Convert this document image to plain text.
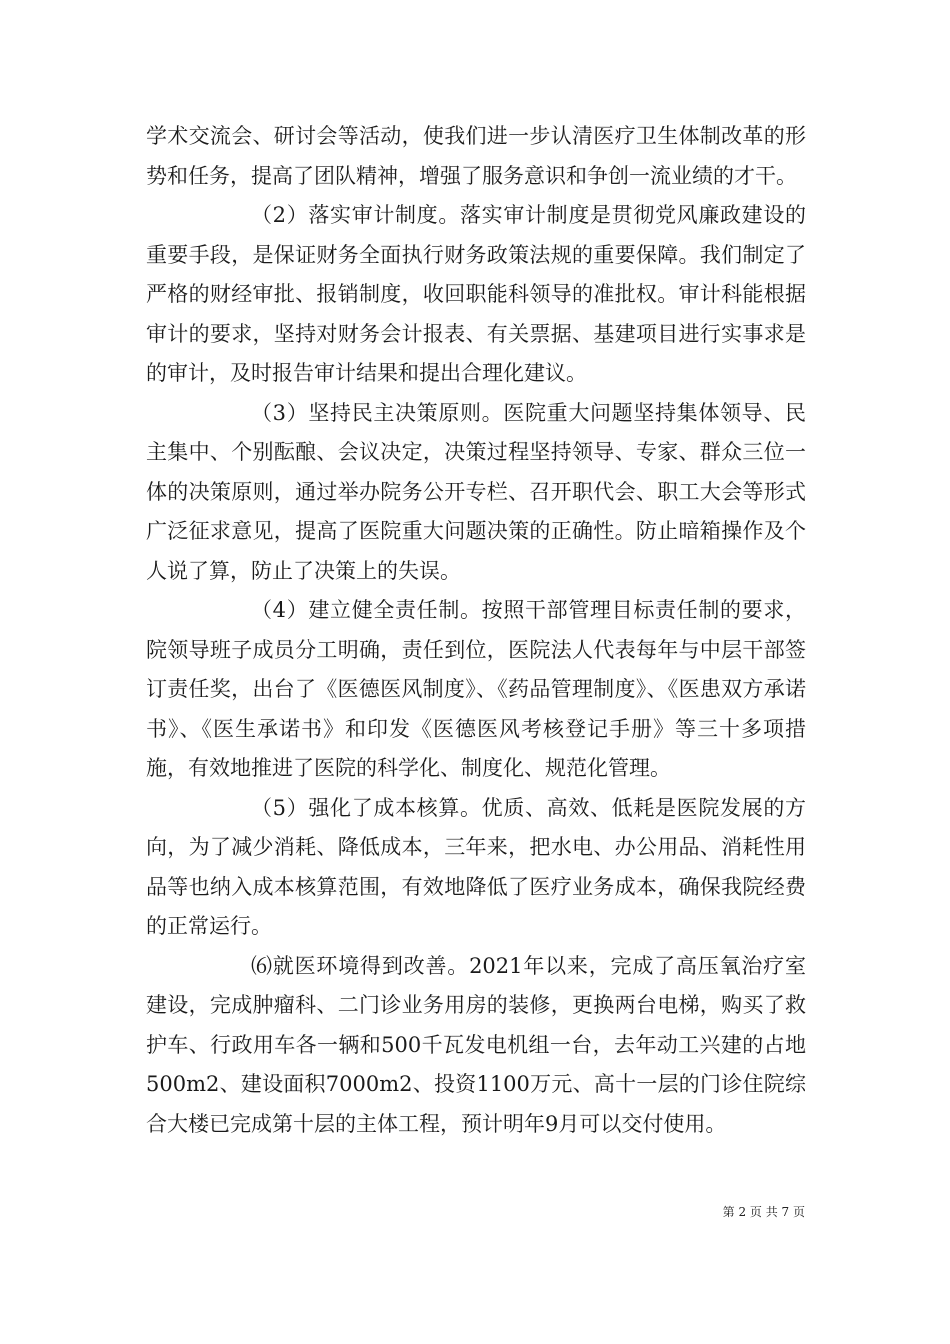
学术交流会、研讨会等活动，使我们进一步认清医疗卫生体制改革的形势和任务，提高了团队精神，增强了服务意识和争创一流业绩的才干。

（2）落实审计制度。落实审计制度是贯彻党风廉政建设的重要手段，是保证财务全面执行财务政策法规的重要保障。我们制定了严格的财经审批、报销制度，收回职能科领导的准批权。审计科能根据审计的要求，坚持对财务会计报表、有关票据、基建项目进行实事求是的审计，及时报告审计结果和提出合理化建议。

（3）坚持民主决策原则。医院重大问题坚持集体领导、民主集中、个别酝酿、会议决定，决策过程坚持领导、专家、群众三位一体的决策原则，通过举办院务公开专栏、召开职代会、职工大会等形式广泛征求意见，提高了医院重大问题决策的正确性。防止暗箱操作及个人说了算，防止了决策上的失误。

（4）建立健全责任制。按照干部管理目标责任制的要求，院领导班子成员分工明确，责任到位，医院法人代表每年与中层干部签订责任奖，出台了《医德医风制度》、《药品管理制度》、《医患双方承诺书》、《医生承诺书》和印发《医德医风考核登记手册》等三十多项措施，有效地推进了医院的科学化、制度化、规范化管理。

（5）强化了成本核算。优质、高效、低耗是医院发展的方向，为了减少消耗、降低成本，三年来，把水电、办公用品、消耗性用品等也纳入成本核算范围，有效地降低了医疗业务成本，确保我院经费的正常运行。

⑹就医环境得到改善。2021年以来，完成了高压氧治疗室建设，完成肿瘤科、二门诊业务用房的装修，更换两台电梯，购买了救护车、行政用车各一辆和500千瓦发电机组一台，去年动工兴建的占地500m2、建设面积7000m2、投资1100万元、高十一层的门诊住院综合大楼已完成第十层的主体工程，预计明年9月可以交付使用。

第 2 页 共 7 页
